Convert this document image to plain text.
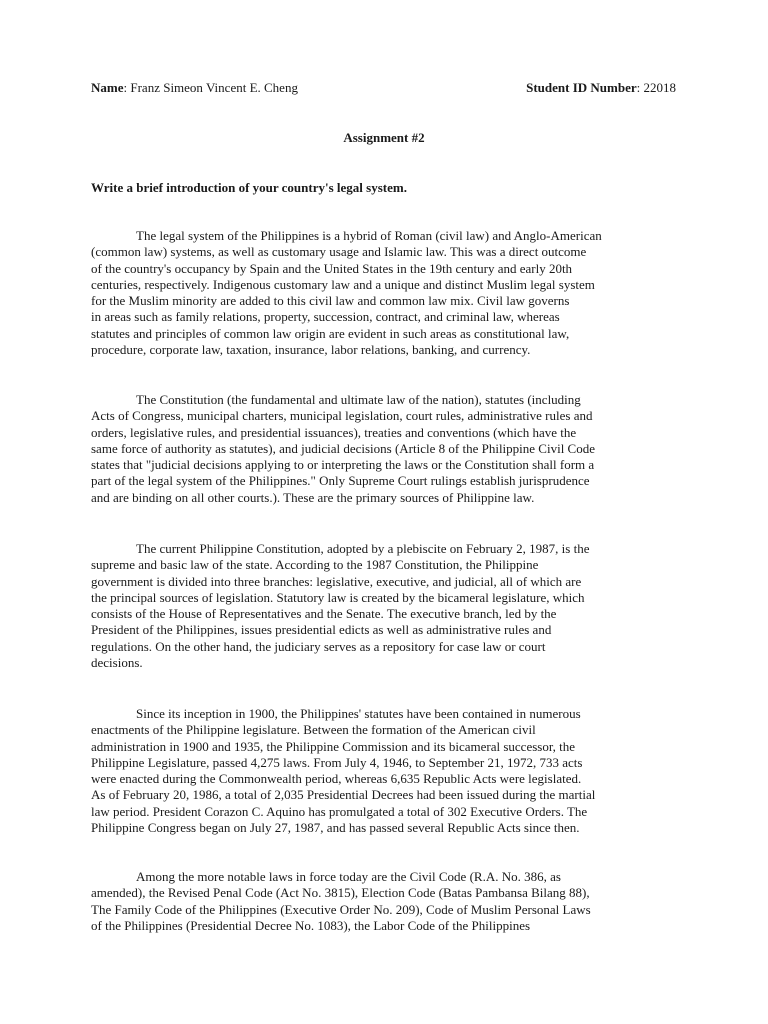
Name: Franz Simeon Vincent E. Cheng	Student ID Number: 22018
Assignment #2
Write a brief introduction of your country's legal system.
The legal system of the Philippines is a hybrid of Roman (civil law) and Anglo-American
(common law) systems, as well as customary usage and Islamic law. This was a direct outcome
of the country's occupancy by Spain and the United States in the 19th century and early 20th
centuries, respectively. Indigenous customary law and a unique and distinct Muslim legal system
for the Muslim minority are added to this civil law and common law mix. Civil law governs
in areas such as family relations, property, succession, contract, and criminal law, whereas
statutes and principles of common law origin are evident in such areas as constitutional law,
procedure, corporate law, taxation, insurance, labor relations, banking, and currency.
The Constitution (the fundamental and ultimate law of the nation), statutes (including
Acts of Congress, municipal charters, municipal legislation, court rules, administrative rules and
orders, legislative rules, and presidential issuances), treaties and conventions (which have the
same force of authority as statutes), and judicial decisions (Article 8 of the Philippine Civil Code
states that "judicial decisions applying to or interpreting the laws or the Constitution shall form a
part of the legal system of the Philippines." Only Supreme Court rulings establish jurisprudence
and are binding on all other courts.). These are the primary sources of Philippine law.
The current Philippine Constitution, adopted by a plebiscite on February 2, 1987, is the
supreme and basic law of the state. According to the 1987 Constitution, the Philippine
government is divided into three branches: legislative, executive, and judicial, all of which are
the principal sources of legislation. Statutory law is created by the bicameral legislature, which
consists of the House of Representatives and the Senate. The executive branch, led by the
President of the Philippines, issues presidential edicts as well as administrative rules and
regulations. On the other hand, the judiciary serves as a repository for case law or court
decisions.
Since its inception in 1900, the Philippines' statutes have been contained in numerous
enactments of the Philippine legislature. Between the formation of the American civil
administration in 1900 and 1935, the Philippine Commission and its bicameral successor, the
Philippine Legislature, passed 4,275 laws. From July 4, 1946, to September 21, 1972, 733 acts
were enacted during the Commonwealth period, whereas 6,635 Republic Acts were legislated.
As of February 20, 1986, a total of 2,035 Presidential Decrees had been issued during the martial
law period. President Corazon C. Aquino has promulgated a total of 302 Executive Orders. The
Philippine Congress began on July 27, 1987, and has passed several Republic Acts since then.
Among the more notable laws in force today are the Civil Code (R.A. No. 386, as
amended), the Revised Penal Code (Act No. 3815), Election Code (Batas Pambansa Bilang 88),
The Family Code of the Philippines (Executive Order No. 209), Code of Muslim Personal Laws
of the Philippines (Presidential Decree No. 1083), the Labor Code of the Philippines
